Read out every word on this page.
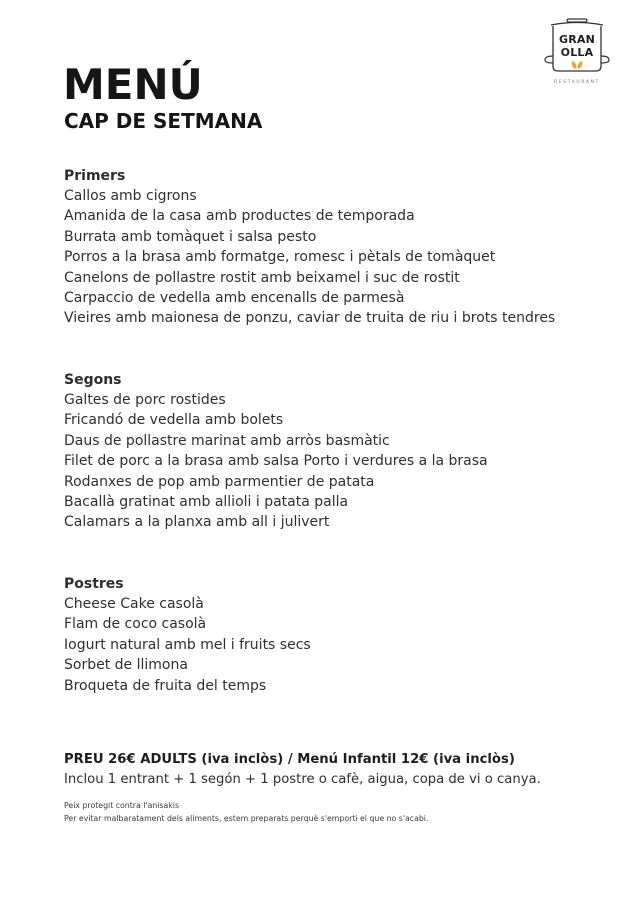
GRAN
OLLA
RESTAURANT
MENÚ
CAP DE SETMANA
Primers
Callos amb cigrons
Amanida de la casa amb productes de temporada
Burrata amb tomàquet i salsa pesto
Porros a la brasa amb formatge, romesc i pètals de tomàquet
Canelons de pollastre rostit amb beixamel i suc de rostit
Carpaccio de vedella amb encenalls de parmesà
Vieires amb maionesa de ponzu, caviar de truita de riu i brots tendres
Segons
Galtes de porc rostides
Fricandó de vedella amb bolets
Daus de pollastre marinat amb arròs basmàtic
Filet de porc a la brasa amb salsa Porto i verdures a la brasa
Rodanxes de pop amb parmentier de patata
Bacallà gratinat amb allioli i patata palla
Calamars a la planxa amb all i julivert
Postres
Cheese Cake casolà
Flam de coco casolà
Iogurt natural amb mel i fruits secs
Sorbet de llimona
Broqueta de fruita del temps
PREU 26€ ADULTS (iva inclòs) / Menú Infantil 12€ (iva inclòs)
Inclou 1 entrant + 1 segón + 1 postre o cafè, aigua, copa de vi o canya.
Peix protegit contra l'anisakis
Per evitar malbaratament dels aliments, estem preparats perquè s'emporti el que no s'acabi.
